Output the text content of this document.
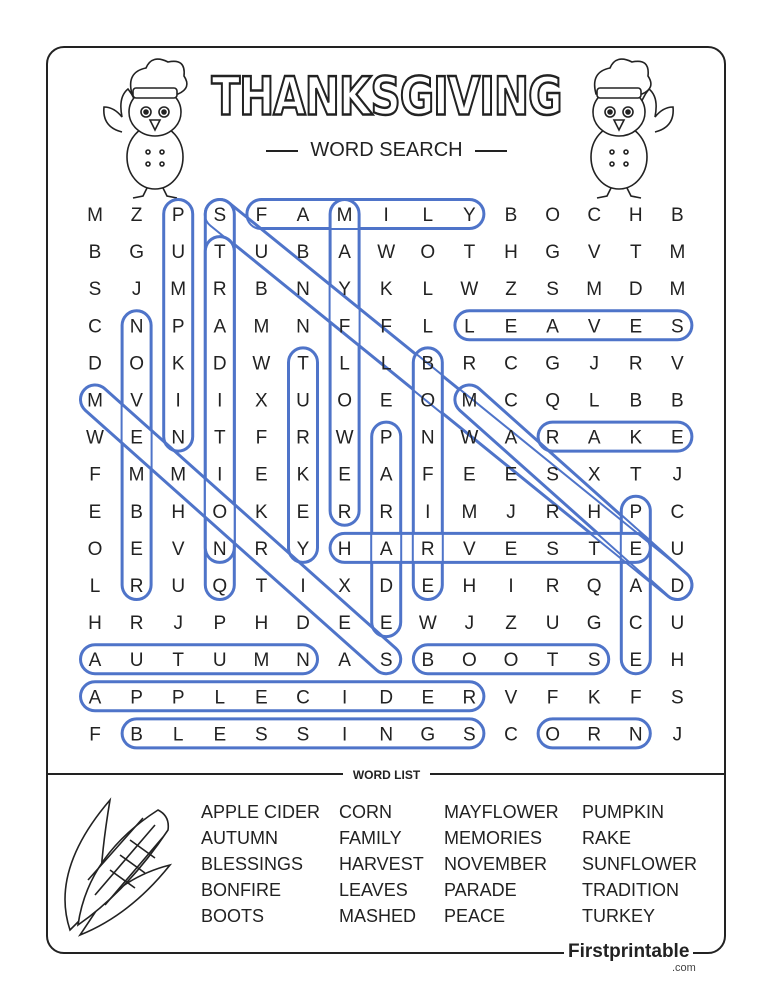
THANKSGIVING
WORD SEARCH
M Z P S F A M I L Y B O C H B
B G U T U B A W O T H G V T M
S J M R B N Y K L W Z S M D M
C N P A M N F F L L E A V E S
D O K D W T L L B R C G J R V
M V I I X U O E O M C Q L B B
W E N T F R W P N W A R A K E
F M M I E K E A F E E S X T J
E B H O K E R R I M J R H P C
O E V N R Y H A R V E S T E U
L R U Q T I X D E H I R Q A D
H R J P H D E E W J Z U G C U
A U T U M N A S B O O T S E H
A P P L E C I D E R V F K F S
F B L E S S I N G S C O R N J
WORD LIST
APPLE CIDER
AUTUMN
BLESSINGS
BONFIRE
BOOTS
CORN
FAMILY
HARVEST
LEAVES
MASHED
MAYFLOWER
MEMORIES
NOVEMBER
PARADE
PEACE
PUMPKIN
RAKE
SUNFLOWER
TRADITION
TURKEY
Firstprintable
.com
